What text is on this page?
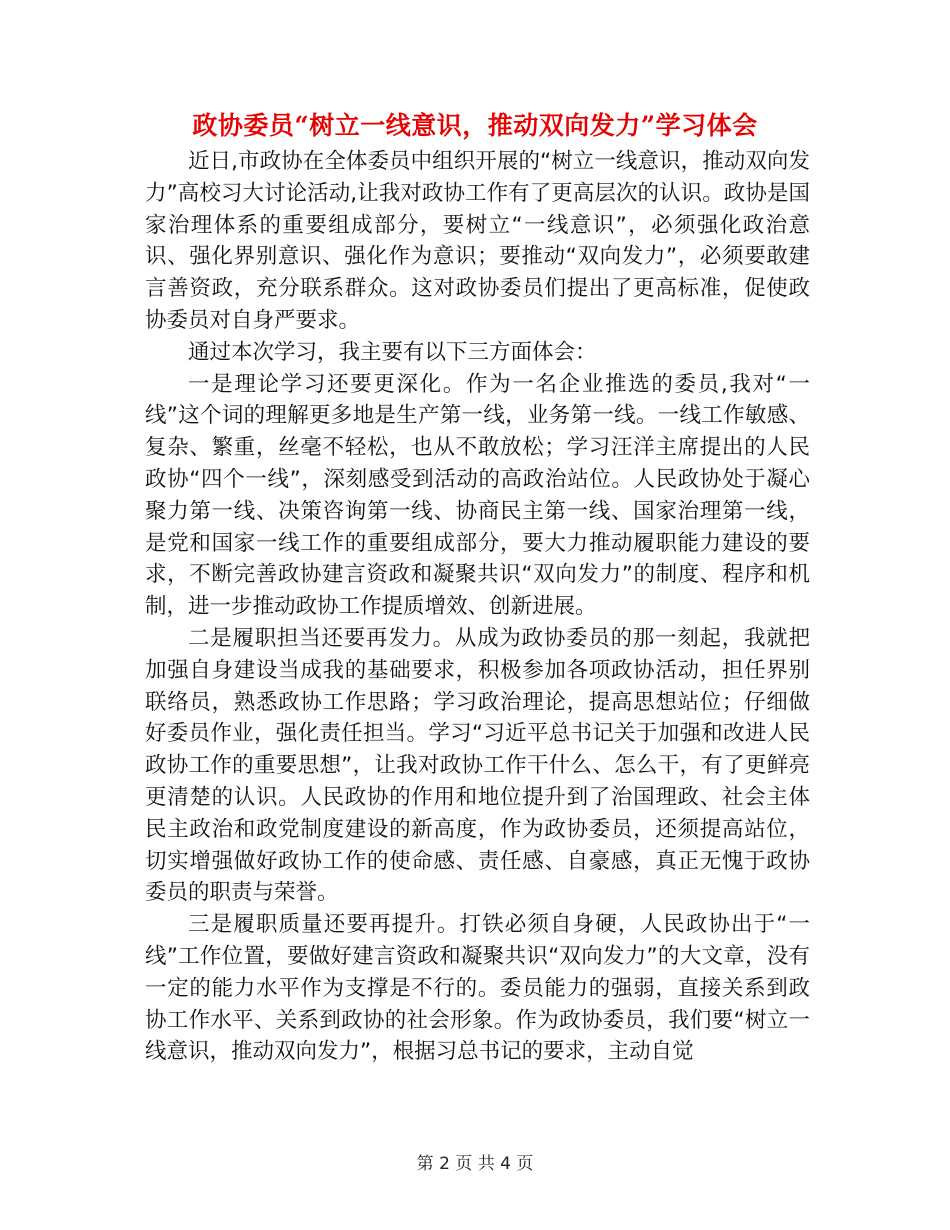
政协委员“树立一线意识，推动双向发力”学习体会

近日,市政协在全体委员中组织开展的“树立一线意识，推动双向发力”高校习大讨论活动,让我对政协工作有了更高层次的认识。政协是国家治理体系的重要组成部分，要树立“一线意识”，必须强化政治意识、强化界别意识、强化作为意识；要推动“双向发力”，必须要敢建言善资政，充分联系群众。这对政协委员们提出了更高标准，促使政协委员对自身严要求。

通过本次学习，我主要有以下三方面体会：

一是理论学习还要更深化。作为一名企业推选的委员,我对“一线”这个词的理解更多地是生产第一线，业务第一线。一线工作敏感、复杂、繁重，丝毫不轻松，也从不敢放松；学习汪洋主席提出的人民政协“四个一线”，深刻感受到活动的高政治站位。人民政协处于凝心聚力第一线、决策咨询第一线、协商民主第一线、国家治理第一线，是党和国家一线工作的重要组成部分，要大力推动履职能力建设的要求，不断完善政协建言资政和凝聚共识“双向发力”的制度、程序和机制，进一步推动政协工作提质增效、创新进展。

二是履职担当还要再发力。从成为政协委员的那一刻起，我就把加强自身建设当成我的基础要求，积极参加各项政协活动，担任界别联络员，熟悉政协工作思路；学习政治理论，提高思想站位；仔细做好委员作业，强化责任担当。学习“习近平总书记关于加强和改进人民政协工作的重要思想”，让我对政协工作干什么、怎么干，有了更鲜亮更清楚的认识。人民政协的作用和地位提升到了治国理政、社会主体民主政治和政党制度建设的新高度，作为政协委员，还须提高站位，切实增强做好政协工作的使命感、责任感、自豪感，真正无愧于政协委员的职责与荣誉。

三是履职质量还要再提升。打铁必须自身硬，人民政协出于“一线”工作位置，要做好建言资政和凝聚共识“双向发力”的大文章，没有一定的能力水平作为支撑是不行的。委员能力的强弱，直接关系到政协工作水平、关系到政协的社会形象。作为政协委员，我们要“树立一线意识，推动双向发力”，根据习总书记的要求，主动自觉

第 2 页 共 4 页
